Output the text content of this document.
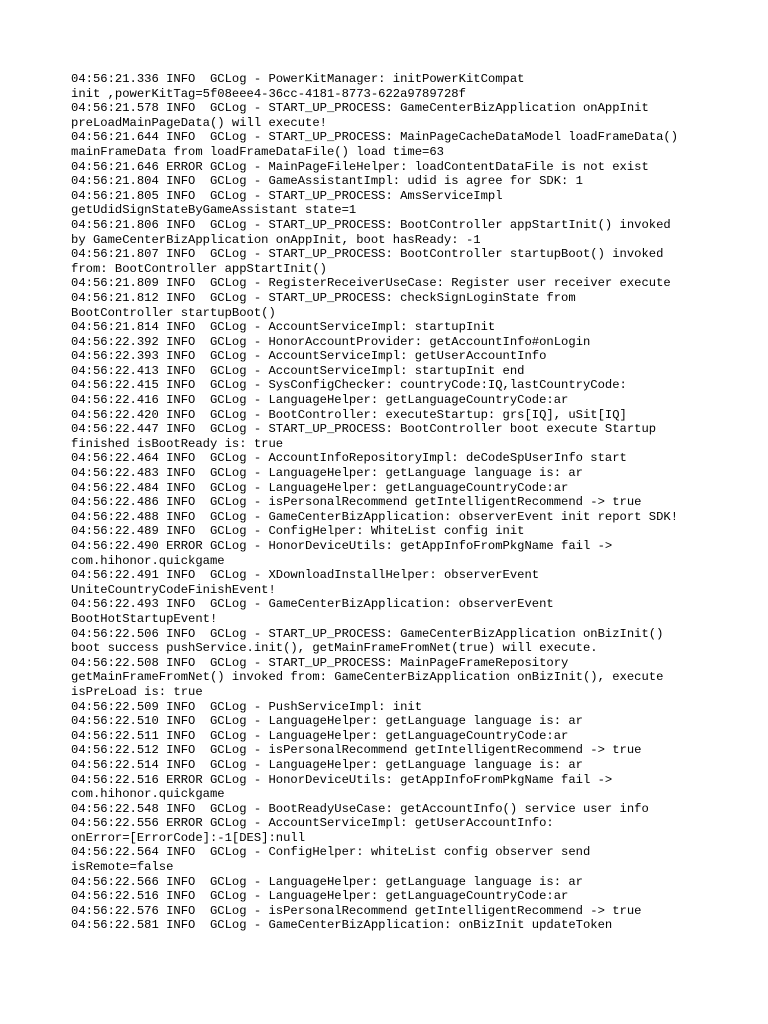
04:56:21.336 INFO  GCLog - PowerKitManager: initPowerKitCompat
init ,powerKitTag=5f08eee4-36cc-4181-8773-622a9789728f
04:56:21.578 INFO  GCLog - START_UP_PROCESS: GameCenterBizApplication onAppInit
preLoadMainPageData() will execute!
04:56:21.644 INFO  GCLog - START_UP_PROCESS: MainPageCacheDataModel loadFrameData()
mainFrameData from loadFrameDataFile() load time=63
04:56:21.646 ERROR GCLog - MainPageFileHelper: loadContentDataFile is not exist
04:56:21.804 INFO  GCLog - GameAssistantImpl: udid is agree for SDK: 1
04:56:21.805 INFO  GCLog - START_UP_PROCESS: AmsServiceImpl
getUdidSignStateByGameAssistant state=1
04:56:21.806 INFO  GCLog - START_UP_PROCESS: BootController appStartInit() invoked
by GameCenterBizApplication onAppInit, boot hasReady: -1
04:56:21.807 INFO  GCLog - START_UP_PROCESS: BootController startupBoot() invoked
from: BootController appStartInit()
04:56:21.809 INFO  GCLog - RegisterReceiverUseCase: Register user receiver execute
04:56:21.812 INFO  GCLog - START_UP_PROCESS: checkSignLoginState from
BootController startupBoot()
04:56:21.814 INFO  GCLog - AccountServiceImpl: startupInit
04:56:22.392 INFO  GCLog - HonorAccountProvider: getAccountInfo#onLogin
04:56:22.393 INFO  GCLog - AccountServiceImpl: getUserAccountInfo
04:56:22.413 INFO  GCLog - AccountServiceImpl: startupInit end
04:56:22.415 INFO  GCLog - SysConfigChecker: countryCode:IQ,lastCountryCode:
04:56:22.416 INFO  GCLog - LanguageHelper: getLanguageCountryCode:ar
04:56:22.420 INFO  GCLog - BootController: executeStartup: grs[IQ], uSit[IQ]
04:56:22.447 INFO  GCLog - START_UP_PROCESS: BootController boot execute Startup
finished isBootReady is: true
04:56:22.464 INFO  GCLog - AccountInfoRepositoryImpl: deCodeSpUserInfo start
04:56:22.483 INFO  GCLog - LanguageHelper: getLanguage language is: ar
04:56:22.484 INFO  GCLog - LanguageHelper: getLanguageCountryCode:ar
04:56:22.486 INFO  GCLog - isPersonalRecommend getIntelligentRecommend -> true
04:56:22.488 INFO  GCLog - GameCenterBizApplication: observerEvent init report SDK!
04:56:22.489 INFO  GCLog - ConfigHelper: WhiteList config init
04:56:22.490 ERROR GCLog - HonorDeviceUtils: getAppInfoFromPkgName fail ->
com.hihonor.quickgame
04:56:22.491 INFO  GCLog - XDownloadInstallHelper: observerEvent
UniteCountryCodeFinishEvent!
04:56:22.493 INFO  GCLog - GameCenterBizApplication: observerEvent
BootHotStartupEvent!
04:56:22.506 INFO  GCLog - START_UP_PROCESS: GameCenterBizApplication onBizInit()
boot success pushService.init(), getMainFrameFromNet(true) will execute.
04:56:22.508 INFO  GCLog - START_UP_PROCESS: MainPageFrameRepository
getMainFrameFromNet() invoked from: GameCenterBizApplication onBizInit(), execute
isPreLoad is: true
04:56:22.509 INFO  GCLog - PushServiceImpl: init
04:56:22.510 INFO  GCLog - LanguageHelper: getLanguage language is: ar
04:56:22.511 INFO  GCLog - LanguageHelper: getLanguageCountryCode:ar
04:56:22.512 INFO  GCLog - isPersonalRecommend getIntelligentRecommend -> true
04:56:22.514 INFO  GCLog - LanguageHelper: getLanguage language is: ar
04:56:22.516 ERROR GCLog - HonorDeviceUtils: getAppInfoFromPkgName fail ->
com.hihonor.quickgame
04:56:22.548 INFO  GCLog - BootReadyUseCase: getAccountInfo() service user info
04:56:22.556 ERROR GCLog - AccountServiceImpl: getUserAccountInfo:
onError=[ErrorCode]:-1[DES]:null
04:56:22.564 INFO  GCLog - ConfigHelper: whiteList config observer send
isRemote=false
04:56:22.566 INFO  GCLog - LanguageHelper: getLanguage language is: ar
04:56:22.516 INFO  GCLog - LanguageHelper: getLanguageCountryCode:ar
04:56:22.576 INFO  GCLog - isPersonalRecommend getIntelligentRecommend -> true
04:56:22.581 INFO  GCLog - GameCenterBizApplication: onBizInit updateToken
